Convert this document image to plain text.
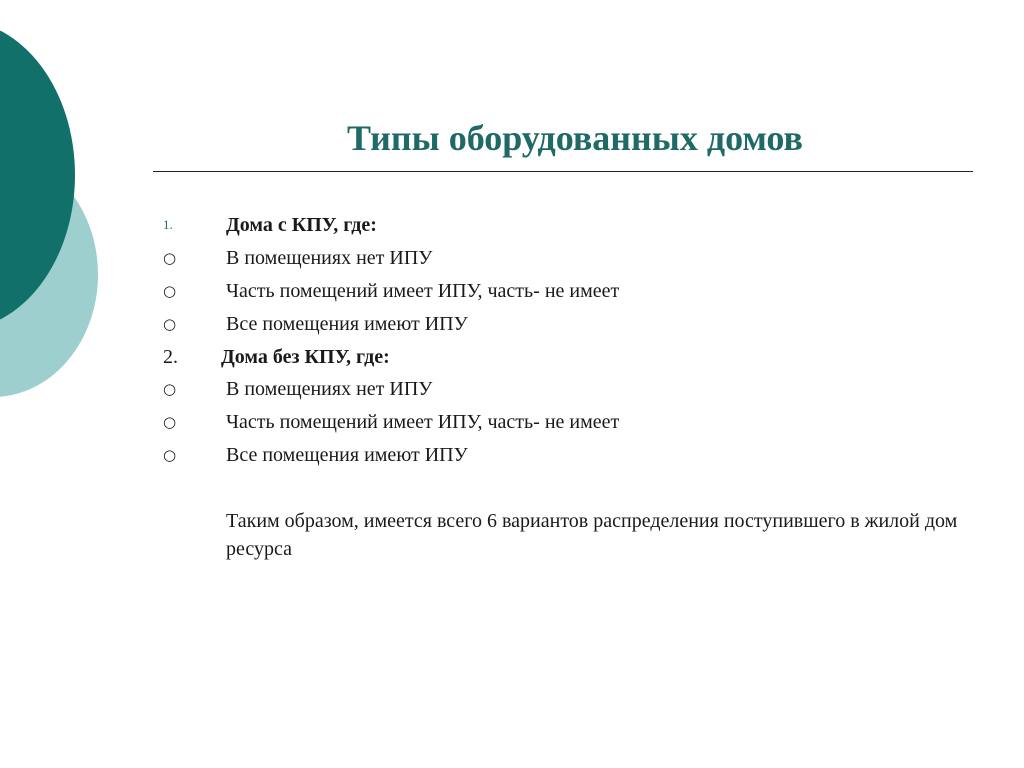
Типы оборудованных домов
1.	Дома с КПУ, где:
○ В помещениях нет ИПУ
○ Часть помещений имеет ИПУ, часть- не имеет
○ Все помещения имеют ИПУ
2. Дома без КПУ, где:
○ В помещениях нет ИПУ
○ Часть помещений имеет ИПУ, часть- не имеет
○ Все помещения имеют ИПУ

Таким образом, имеется всего 6 вариантов распределения поступившего в жилой дом ресурса
